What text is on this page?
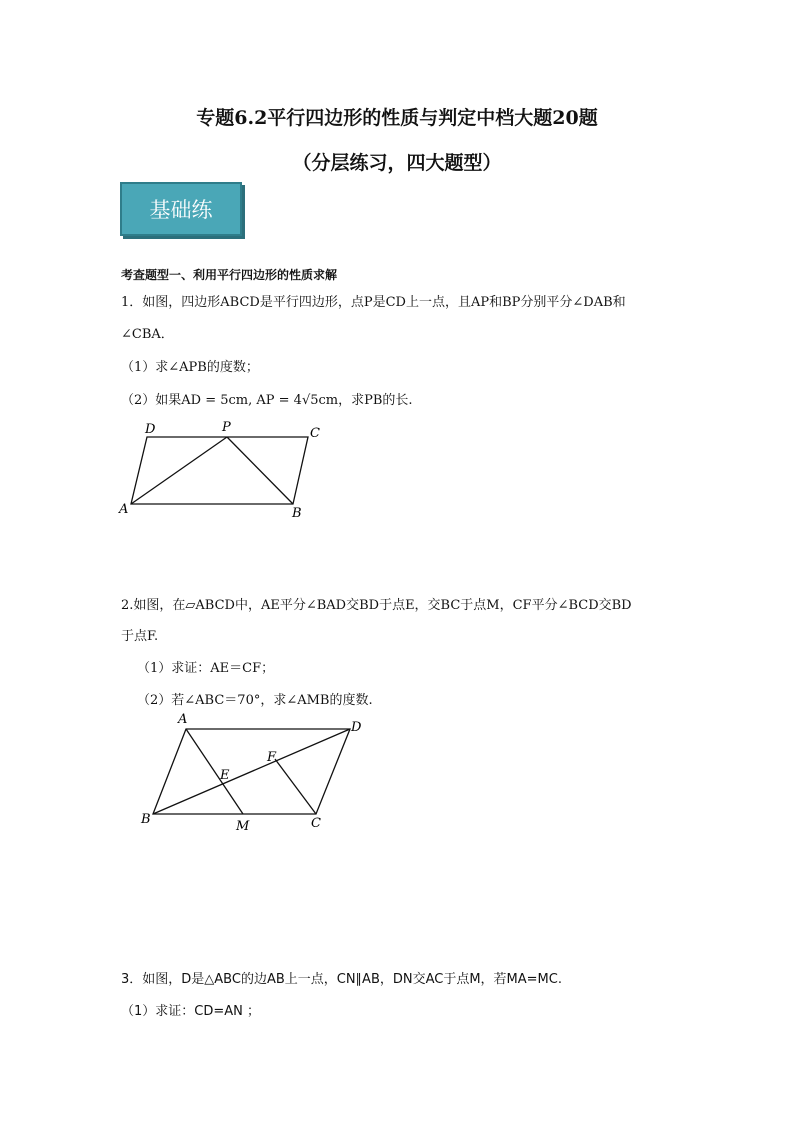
专题6.2平行四边形的性质与判定中档大题20题
（分层练习，四大题型）
基础练
考查题型一、利用平行四边形的性质求解
1．如图，四边形ABCD是平行四边形，点P是CD上一点，且AP和BP分别平分∠DAB和
∠CBA．
（1）求∠APB的度数；
（2）如果AD = 5cm, AP = 4√5cm，求PB的长.
D	P	C
A	B
A
D
F
E
B	M	C
2.如图，在▱ABCD中，AE平分∠BAD交BD于点E，交BC于点M，CF平分∠BCD交BD
于点F.
（1）求证：AE＝CF；
（2）若∠ABC＝70°，求∠AMB的度数.
3．如图，D是△ABC的边AB上一点，CN∥AB，DN交AC于点M，若MA=MC.
（1）求证：CD=AN ；
